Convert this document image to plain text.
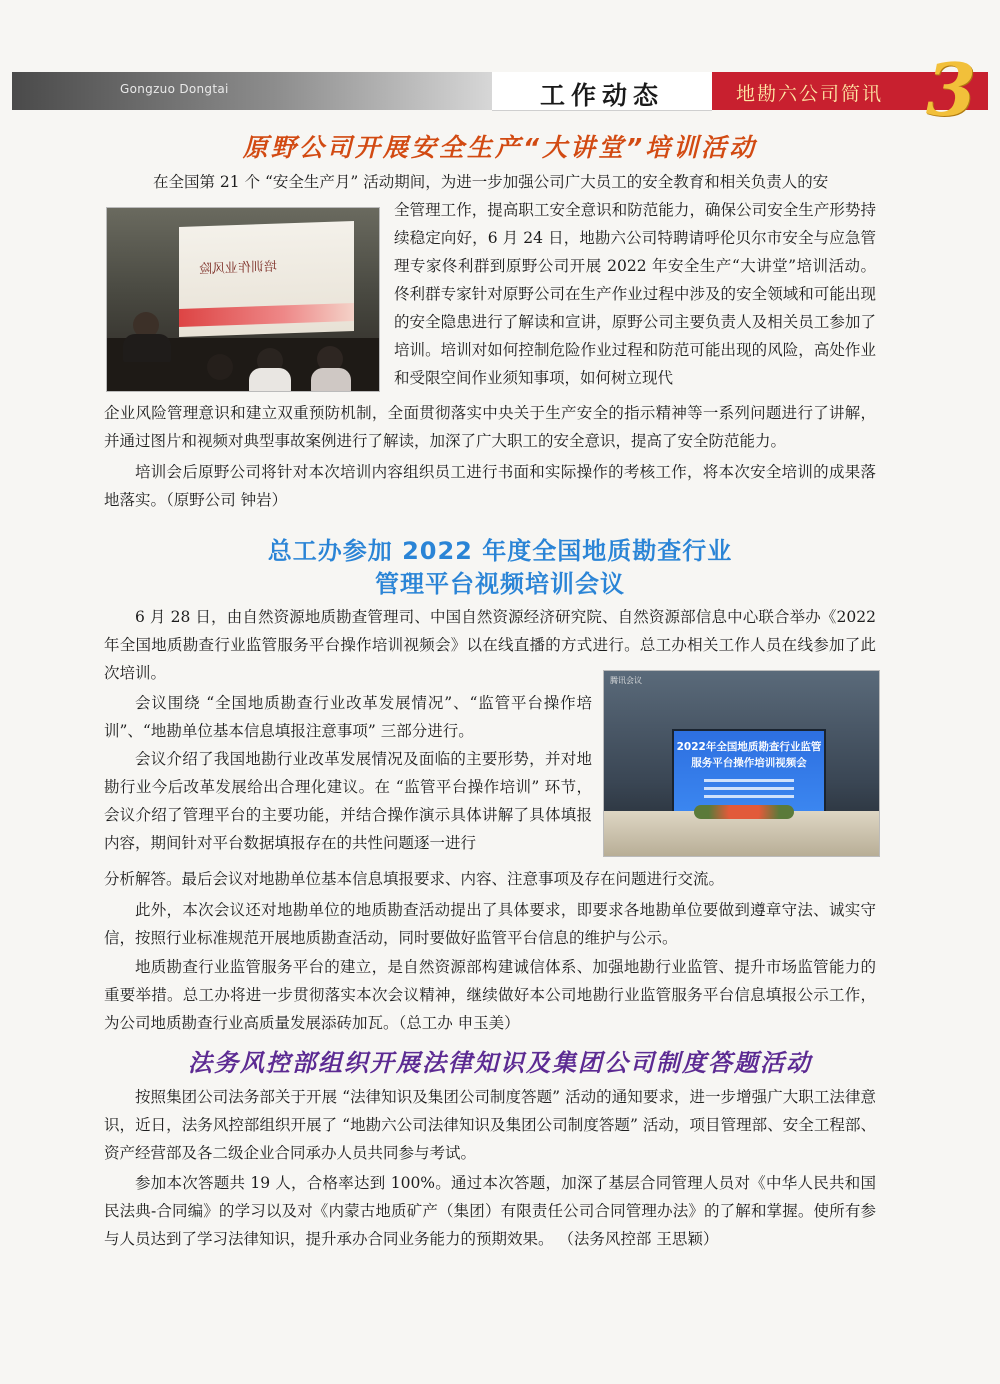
Gongzuo Dongtai	工作动态	地勘六公司简讯 3
原野公司开展安全生产“大讲堂”培训活动

在全国第 21 个 “安全生产月” 活动期间，为进一步加强公司广大员工的安全教育和相关负责人的安

培训作业风险

全管理工作，提高职工安全意识和防范能力，确保公司安全生产形势持续稳定向好，6 月 24 日，地勘六公司特聘请呼伦贝尔市安全与应急管理专家佟利群到原野公司开展 2022 年安全生产“大讲堂”培训活动。佟利群专家针对原野公司在生产作业过程中涉及的安全领域和可能出现的安全隐患进行了解读和宣讲，原野公司主要负责人及相关员工参加了培训。培训对如何控制危险作业过程和防范可能出现的风险，高处作业和受限空间作业须知事项，如何树立现代

企业风险管理意识和建立双重预防机制，全面贯彻落实中央关于生产安全的指示精神等一系列问题进行了讲解，并通过图片和视频对典型事故案例进行了解读，加深了广大职工的安全意识，提高了安全防范能力。

培训会后原野公司将针对本次培训内容组织员工进行书面和实际操作的考核工作，将本次安全培训的成果落地落实。（原野公司 钟岩）

总工办参加 2022 年度全国地质勘查行业
管理平台视频培训会议

6 月 28 日，由自然资源地质勘查管理司、中国自然资源经济研究院、自然资源部信息中心联合举办《2022年全国地质勘查行业监管服务平台操作培训视频会》以在线直播的方式进行。总工办相关工作人员在线参加了此次培训。	腾讯会议
2022年全国地质勘查行业监管
服务平台操作培训视频会

会议围绕 “全国地质勘查行业改革发展情况”、“监管平台操作培训”、“地勘单位基本信息填报注意事项” 三部分进行。

会议介绍了我国地勘行业改革发展情况及面临的主要形势，并对地勘行业今后改革发展给出合理化建议。在 “监管平台操作培训” 环节，会议介绍了管理平台的主要功能，并结合操作演示具体讲解了具体填报内容，期间针对平台数据填报存在的共性问题逐一进行

分析解答。最后会议对地勘单位基本信息填报要求、内容、注意事项及存在问题进行交流。

此外，本次会议还对地勘单位的地质勘查活动提出了具体要求，即要求各地勘单位要做到遵章守法、诚实守信，按照行业标准规范开展地质勘查活动，同时要做好监管平台信息的维护与公示。

地质勘查行业监管服务平台的建立，是自然资源部构建诚信体系、加强地勘行业监管、提升市场监管能力的重要举措。总工办将进一步贯彻落实本次会议精神，继续做好本公司地勘行业监管服务平台信息填报公示工作，为公司地质勘查行业高质量发展添砖加瓦。（总工办 申玉美）

法务风控部组织开展法律知识及集团公司制度答题活动

按照集团公司法务部关于开展 “法律知识及集团公司制度答题” 活动的通知要求，进一步增强广大职工法律意识，近日，法务风控部组织开展了 “地勘六公司法律知识及集团公司制度答题” 活动，项目管理部、安全工程部、资产经营部及各二级企业合同承办人员共同参与考试。

参加本次答题共 19 人，合格率达到 100%。通过本次答题，加深了基层合同管理人员对《中华人民共和国民法典-合同编》的学习以及对《内蒙古地质矿产（集团）有限责任公司合同管理办法》的了解和掌握。使所有参与人员达到了学习法律知识，提升承办合同业务能力的预期效果。 （法务风控部 王思颖）
